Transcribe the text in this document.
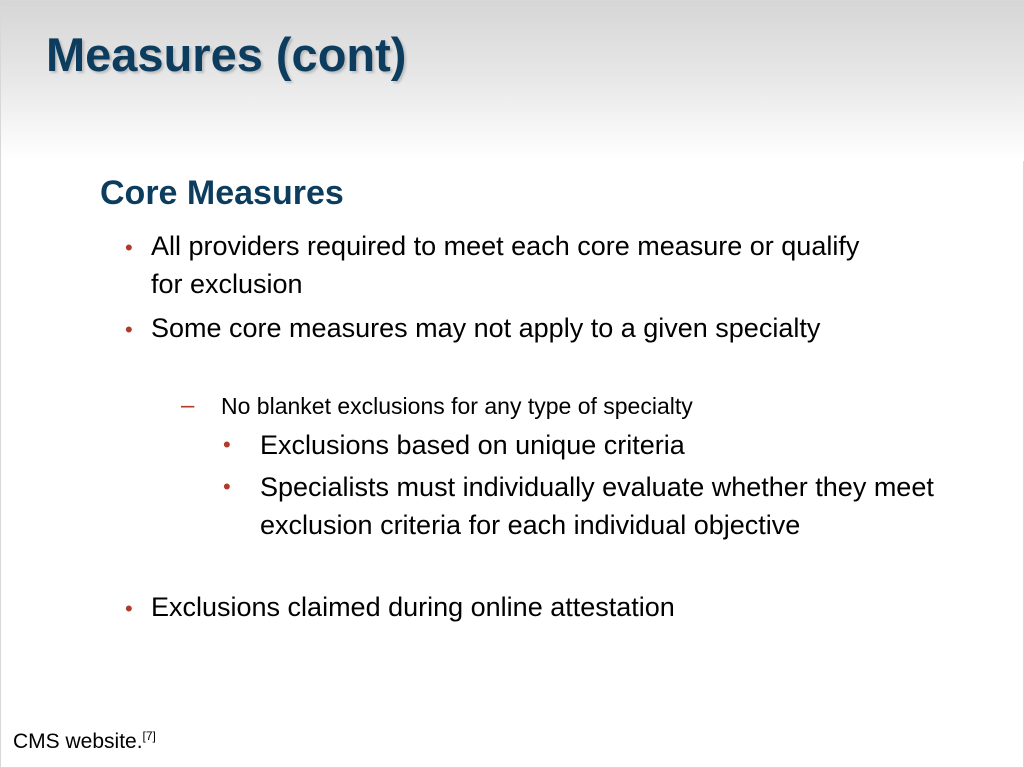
Measures (cont)
Core Measures
• All providers required to meet each core measure or qualify for exclusion
• Some core measures may not apply to a given specialty
– No blanket exclusions for any type of specialty
• Exclusions based on unique criteria
• Specialists must individually evaluate whether they meet exclusion criteria for each individual objective
• Exclusions claimed during online attestation
CMS website.[7]
